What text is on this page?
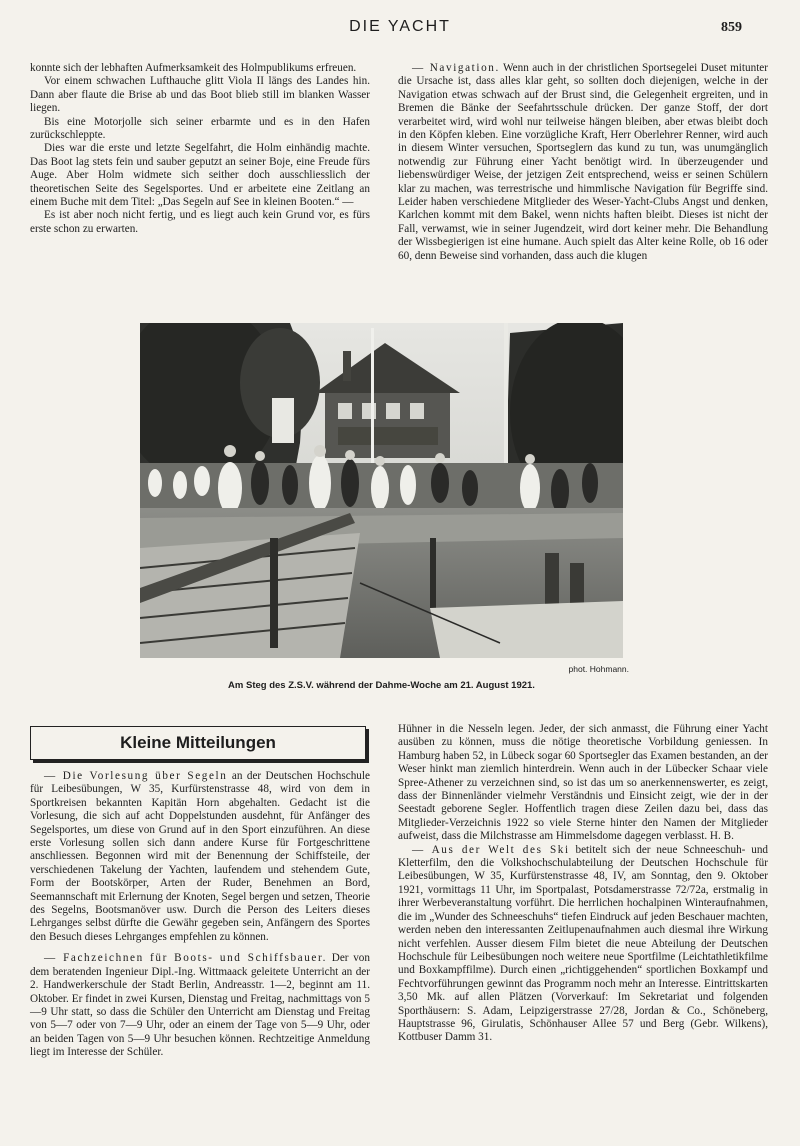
DIE YACHT	859

konnte sich der lebhaften Aufmerksamkeit des Holmpublikums erfreuen.

Vor einem schwachen Lufthauche glitt Viola II längs des Landes hin. Dann aber flaute die Brise ab und das Boot blieb still im blanken Wasser liegen.

Bis eine Motorjolle sich seiner erbarmte und es in den Hafen zurückschleppte.

Dies war die erste und letzte Segelfahrt, die Holm einhändig machte. Das Boot lag stets fein und sauber geputzt an seiner Boje, eine Freude fürs Auge. Aber Holm widmete sich seither doch ausschliesslich der theoretischen Seite des Segelsportes. Und er arbeitete eine Zeitlang an einem Buche mit dem Titel: „Das Segeln auf See in kleinen Booten.“ —

Es ist aber noch nicht fertig, und es liegt auch kein Grund vor, es fürs erste schon zu erwarten.

— Navigation. Wenn auch in der christlichen Sportsegelei Duset mitunter die Ursache ist, dass alles klar geht, so sollten doch diejenigen, welche in der Navigation etwas schwach auf der Brust sind, die Gelegenheit ergreiten, und in Bremen die Bänke der Seefahrtsschule drücken. Der ganze Stoff, der dort verarbeitet wird, wird wohl nur teilweise hängen bleiben, aber etwas bleibt doch in den Köpfen kleben. Eine vorzügliche Kraft, Herr Oberlehrer Renner, wird auch in diesem Winter versuchen, Sportseglern das kund zu tun, was unumgänglich notwendig zur Führung einer Yacht benötigt wird. In überzeugender und liebenswürdiger Weise, der jetzigen Zeit entsprechend, weiss er seinen Schülern klar zu machen, was terrestrische und himmlische Navigation für Begriffe sind. Leider haben verschiedene Mitglieder des Weser-Yacht-Clubs Angst und denken, Karlchen kommt mit dem Bakel, wenn nichts haften bleibt. Dieses ist nicht der Fall, verwamst, wie in seiner Jugendzeit, wird dort keiner mehr. Die Behandlung der Wissbegierigen ist eine humane. Auch spielt das Alter keine Rolle, ob 16 oder 60, denn Beweise sind vorhanden, dass auch die klugen

phot. Hohmann.
Am Steg des Z.S.V. während der Dahme-Woche am 21. August 1921.
Kleine Mitteilungen

— Die Vorlesung über Segeln an der Deutschen Hochschule für Leibesübungen, W 35, Kurfürstenstrasse 48, wird von dem in Sportkreisen bekannten Kapitän Horn abgehalten. Gedacht ist die Vorlesung, die sich auf acht Doppelstunden ausdehnt, für Anfänger des Segelsportes, um diese von Grund auf in den Sport einzuführen. An diese erste Vorlesung sollen sich dann andere Kurse für Fortgeschrittene anschliessen. Begonnen wird mit der Benennung der Schiffsteile, der verschiedenen Takelung der Yachten, laufendem und stehendem Gute, Form der Bootskörper, Arten der Ruder, Benehmen an Bord, Seemannschaft mit Erlernung der Knoten, Segel bergen und setzen, Theorie des Segelns, Bootsmanöver usw. Durch die Person des Leiters dieses Lehrganges selbst dürfte die Gewähr gegeben sein, Anfängern des Sportes den Besuch dieses Lehrganges empfehlen zu können.

— Fachzeichnen für Boots- und Schiffsbauer. Der von dem beratenden Ingenieur Dipl.-Ing. Wittmaack geleitete Unterricht an der 2. Handwerkerschule der Stadt Berlin, Andreasstr. 1—2, beginnt am 11. Oktober. Er findet in zwei Kursen, Dienstag und Freitag, nachmittags von 5—9 Uhr statt, so dass die Schüler den Unterricht am Dienstag und Freitag von 5—7 oder von 7—9 Uhr, oder an einem der Tage von 5—9 Uhr, oder an beiden Tagen von 5—9 Uhr besuchen können. Rechtzeitige Anmeldung liegt im Interesse der Schüler.

Hühner in die Nesseln legen. Jeder, der sich anmasst, die Führung einer Yacht ausüben zu können, muss die nötige theoretische Vorbildung geniessen. In Hamburg haben 52, in Lübeck sogar 60 Sportsegler das Examen bestanden, an der Weser hinkt man ziemlich hinterdrein. Wenn auch in der Lübecker Schaar viele Spree-Athener zu verzeichnen sind, so ist das um so anerkennenswerter, es zeigt, dass der Binnenländer vielmehr Verständnis und Einsicht zeigt, wie der in der Seestadt geborene Segler. Hoffentlich tragen diese Zeilen dazu bei, dass das Mitglieder-Verzeichnis 1922 so viele Sterne hinter den Namen der Mitglieder aufweist, dass die Milchstrasse am Himmelsdome dagegen verblasst. H. B.

— Aus der Welt des Ski betitelt sich der neue Schneeschuh- und Kletterfilm, den die Volkshochschulabteilung der Deutschen Hochschule für Leibesübungen, W 35, Kurfürstenstrasse 48, IV, am Sonntag, den 9. Oktober 1921, vormittags 11 Uhr, im Sportpalast, Potsdamerstrasse 72/72a, erstmalig in ihrer Werbeveranstaltung vorführt. Die herrlichen hochalpinen Winteraufnahmen, die im „Wunder des Schneeschuhs“ tiefen Eindruck auf jeden Beschauer machten, werden neben den interessanten Zeitlupenaufnahmen auch diesmal ihre Wirkung nicht verfehlen. Ausser diesem Film bietet die neue Abteilung der Deutschen Hochschule für Leibesübungen noch weitere neue Sportfilme (Leichtathletikfilme und Boxkampffilme). Durch einen „richtiggehenden“ sportlichen Boxkampf und Fechtvorführungen gewinnt das Programm noch mehr an Interesse. Eintrittskarten 3,50 Mk. auf allen Plätzen (Vorverkauf: Im Sekretariat und folgenden Sporthäusern: S. Adam, Leipzigerstrasse 27/28, Jordan & Co., Schöneberg, Hauptstrasse 96, Girulatis, Schönhauser Allee 57 und Berg (Gebr. Wilkens), Kottbuser Damm 31.
